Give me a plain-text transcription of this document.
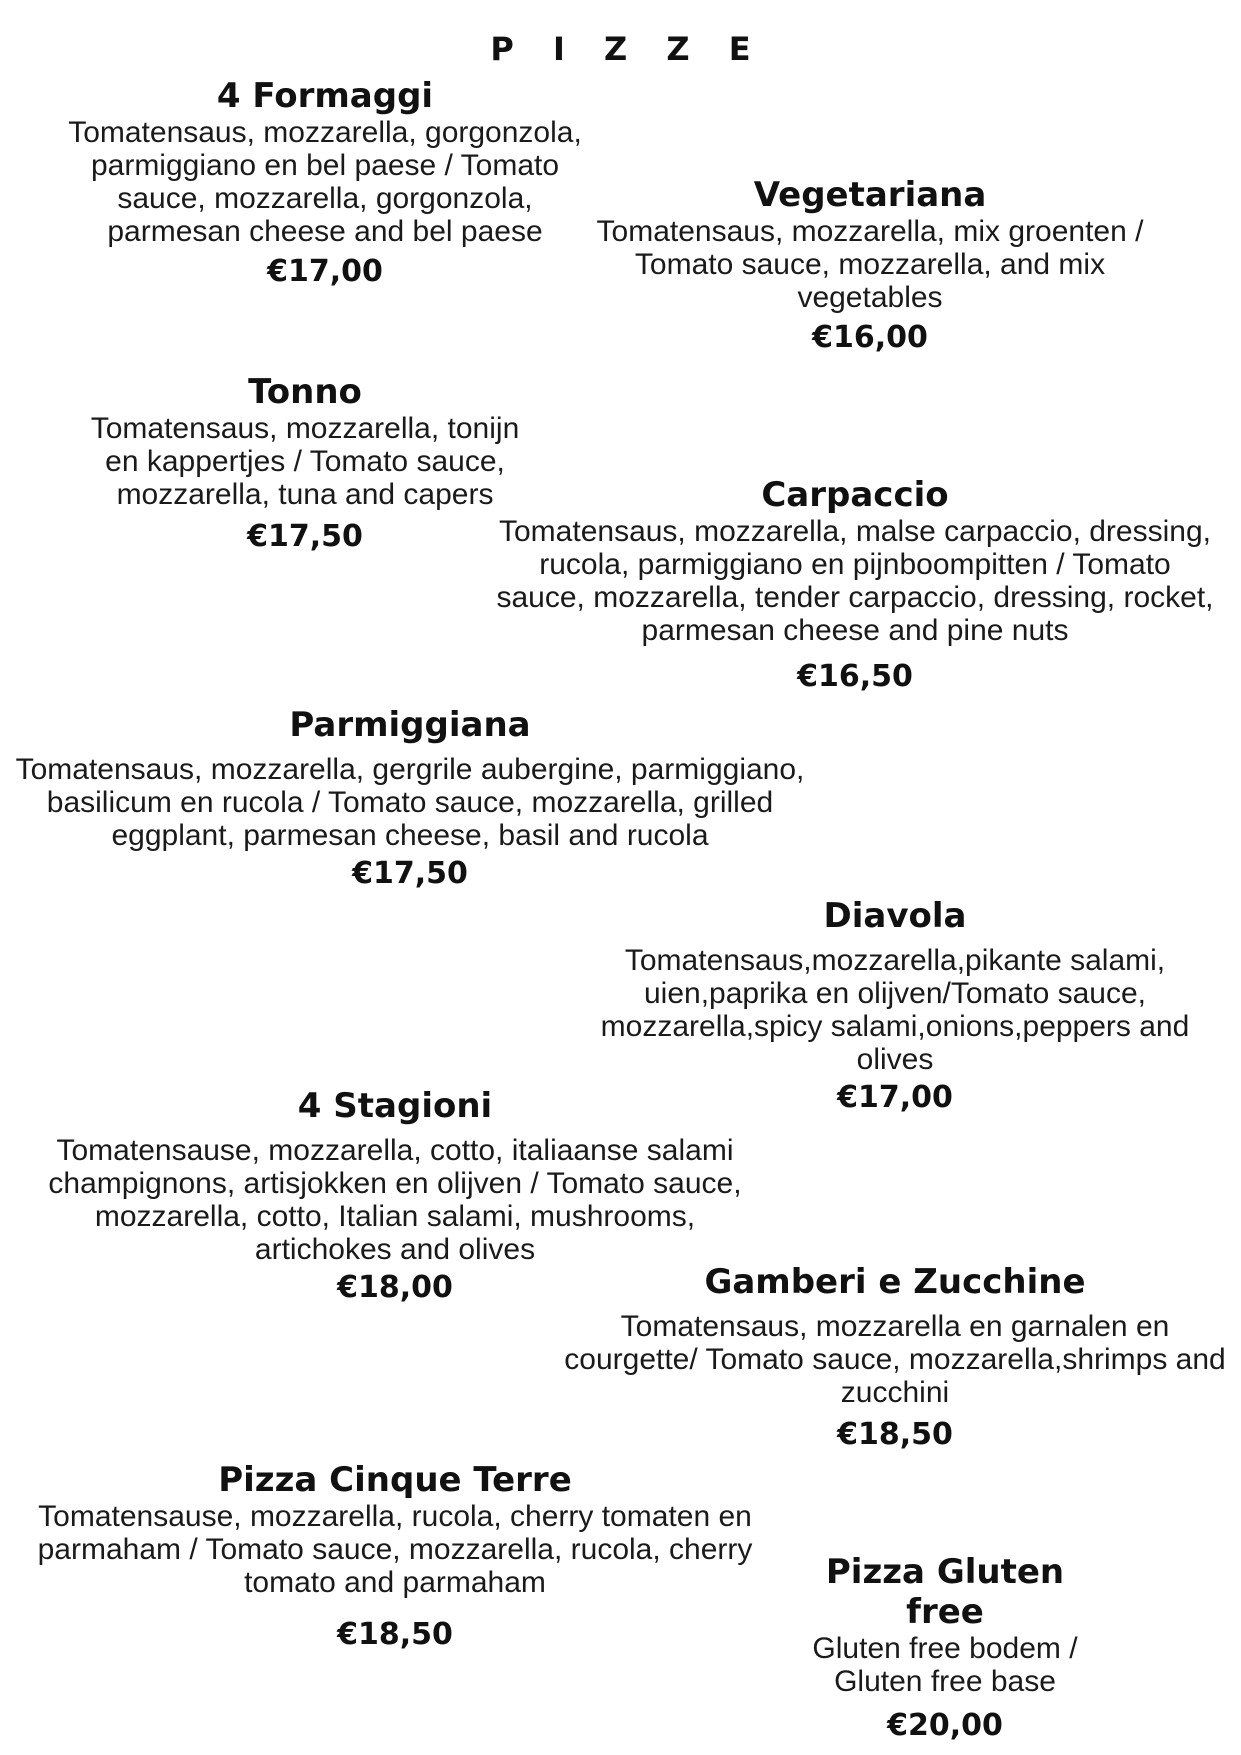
P I Z Z E
4 Formaggi
Tomatensaus, mozzarella, gorgonzola, parmiggiano en bel paese / Tomato sauce, mozzarella, gorgonzola, parmesan cheese and bel paese
€17,00
Vegetariana
Tomatensaus, mozzarella, mix groenten / Tomato sauce, mozzarella, and mix vegetables
€16,00
Tonno
Tomatensaus, mozzarella, tonijn en kappertjes / Tomato sauce, mozzarella, tuna and capers
€17,50
Carpaccio
Tomatensaus, mozzarella, malse carpaccio, dressing, rucola, parmiggiano en pijnboompitten / Tomato sauce, mozzarella, tender carpaccio, dressing, rocket, parmesan cheese and pine nuts
€16,50
Parmiggiana
Tomatensaus, mozzarella, gergrile aubergine, parmiggiano, basilicum en rucola / Tomato sauce, mozzarella, grilled eggplant, parmesan cheese, basil and rucola
€17,50
Diavola
Tomatensaus,mozzarella,pikante salami, uien,paprika en olijven/Tomato sauce, mozzarella,spicy salami,onions,peppers and olives
€17,00
4 Stagioni
Tomatensause, mozzarella, cotto, italiaanse salami champignons, artisjokken en olijven / Tomato sauce, mozzarella, cotto, Italian salami, mushrooms, artichokes and olives
€18,00	Gamberi e Zucchine
Tomatensaus, mozzarella en garnalen en courgette/ Tomato sauce, mozzarella,shrimps and zucchini
€18,50
Pizza Cinque Terre
Tomatensause, mozzarella, rucola, cherry tomaten en parmaham / Tomato sauce, mozzarella, rucola, cherry tomato and parmaham
€18,50
Pizza Gluten free
Gluten free bodem / Gluten free base
€20,00
